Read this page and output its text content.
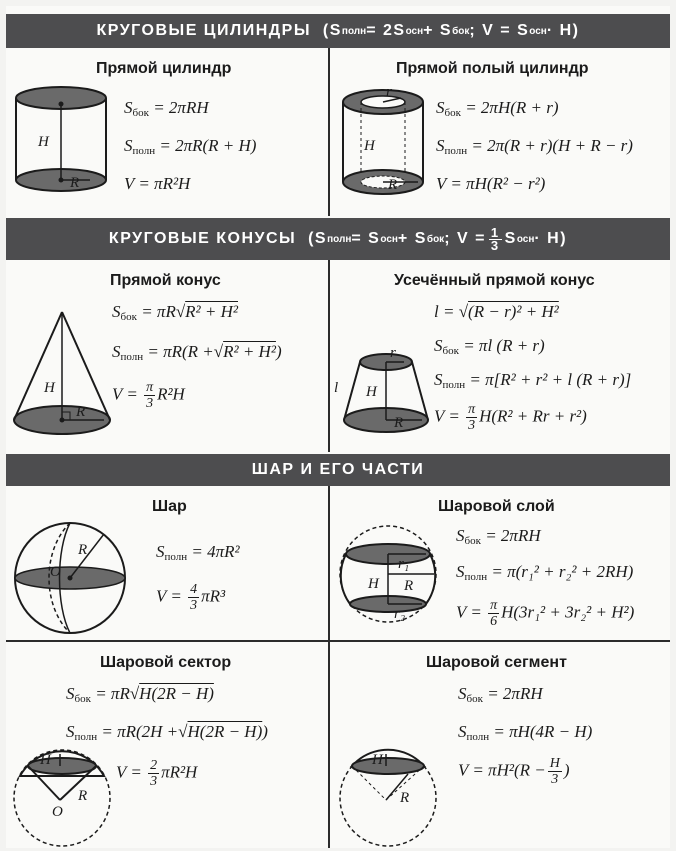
КРУГОВЫЕ ЦИЛИНДРЫ
(S полн = 2S осн + S бок ; V = S осн · H)
Прямой цилиндр
H
R
$S_{бок} = 2\pi RH$
$S_{полн} = 2\pi R(R + H)$
V = πR²H
Прямой полый цилиндр
r
H
R
$S_{бок} = 2\pi H(R + r)$
$S_{полн} = 2\pi(R + r)(H + R - r)$
V = πH(R² − r²)
КРУГОВЫЕ КОНУСЫ
(S полн = S осн + S бок ; $V = \frac{1}{3}$ S осн · H)
Прямой конус
H
R
$S_{бок} = \pi R√R^2 + H^2$
$S_{полн} = \pi R(R +√R^2 + H^2)$
$V = \frac{\pi}{3} R^2H$
Усечённый прямой конус
r
l H
R
l = √(R − r)² + H²
$S_{бок} = \pi l$ (R + r)
$S_{полн} = \pi[R^2 + r^2 + l$ (R + r)]
$V = \frac{\pi}{3} H(R^2 + Rr + r^2)$
ШАР И ЕГО ЧАСТИ
Шар
O
R	$S_{полн} = 4\pi R^2$
$V = \frac{4}{3} \pi R^3$
Шаровой слой
r₁
H R
r₂
$S_{бок} = 2\pi RH$
$S_{полн} = \pi(r_1^2 + r_2^2 + 2RH)$
$V = \frac{\pi}{6} H(3r_1^2 + 3r_2^2 + H^2)$
Шаровой сектор
$S_{бок} = \pi R√H(2R - H)$
$S_{полн} = \pi R(2H +√H(2R - H))$
$V = \frac{2}{3} \pi R^2H$
H
O
R
Шаровой сегмент
$S_{бок} = 2\pi RH$
$S_{полн} = \pi H(4R - H)$
$V = \pi H^2(R - \frac{H}{3}$ )
H
R
